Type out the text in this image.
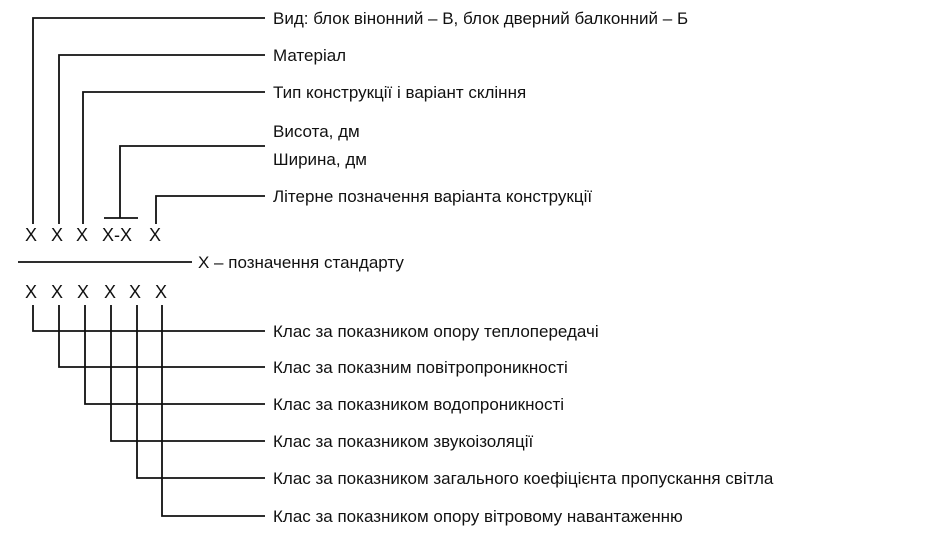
X X X X-X X
Вид: блок вінонний – В, блок дверний балконний – Б
Матеріал
Тип конструкції і варіант скління
Висота, дм
Ширина, дм
Літерне позначення варіанта конструкції
X – позначення стандарту
X X X X X X
Клас за показником опору теплопередачі
Клас за показним повітропроникності
Клас за показником водопроникності
Клас за показником звукоізоляції
Клас за показником загального коефіцієнта пропускання світла
Клас за показником опору вітровому навантаженню
